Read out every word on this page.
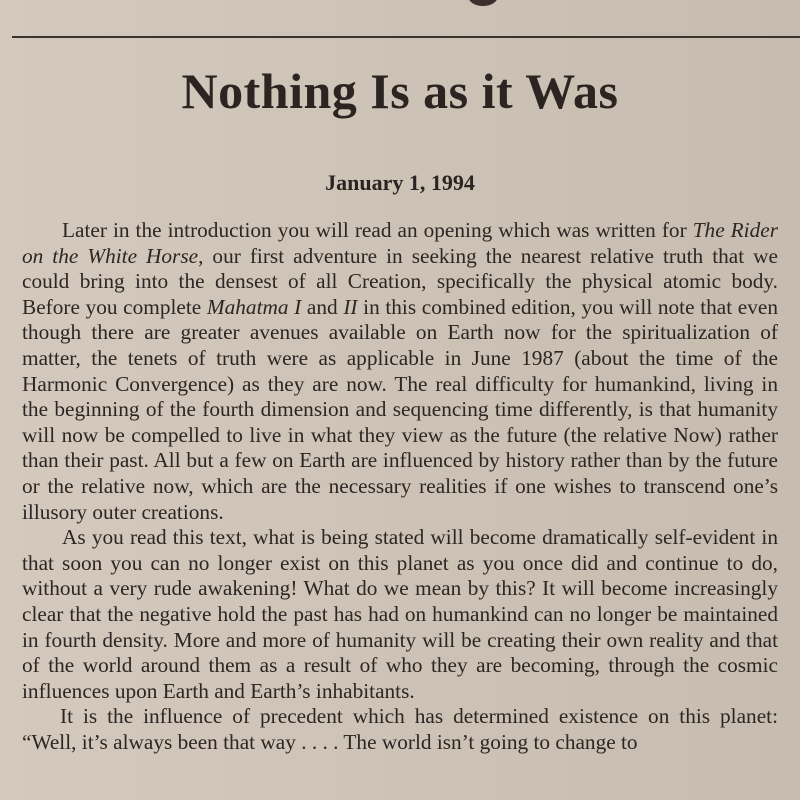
Nothing Is as it Was
January 1, 1994

Later in the introduction you will read an opening which was written for The Rider on the White Horse, our first adventure in seeking the nearest relative truth that we could bring into the densest of all Creation, specifically the physical atomic body. Before you complete Mahatma I and II in this combined edition, you will note that even though there are greater avenues available on Earth now for the spiritualization of matter, the tenets of truth were as applicable in June 1987 (about the time of the Harmonic Convergence) as they are now. The real difficulty for humankind, living in the beginning of the fourth dimension and sequencing time differently, is that humanity will now be compelled to live in what they view as the future (the relative Now) rather than their past. All but a few on Earth are influenced by history rather than by the future or the relative now, which are the necessary realities if one wishes to transcend one’s illusory outer creations.

As you read this text, what is being stated will become dramatically self-evident in that soon you can no longer exist on this planet as you once did and continue to do, without a very rude awakening! What do we mean by this? It will become increasingly clear that the negative hold the past has had on humankind can no longer be maintained in fourth density. More and more of humanity will be creating their own reality and that of the world around them as a result of who they are becoming, through the cosmic influences upon Earth and Earth’s inhabitants.

It is the influence of precedent which has determined existence on this planet: “Well, it’s always been that way . . . . The world isn’t going to change to
